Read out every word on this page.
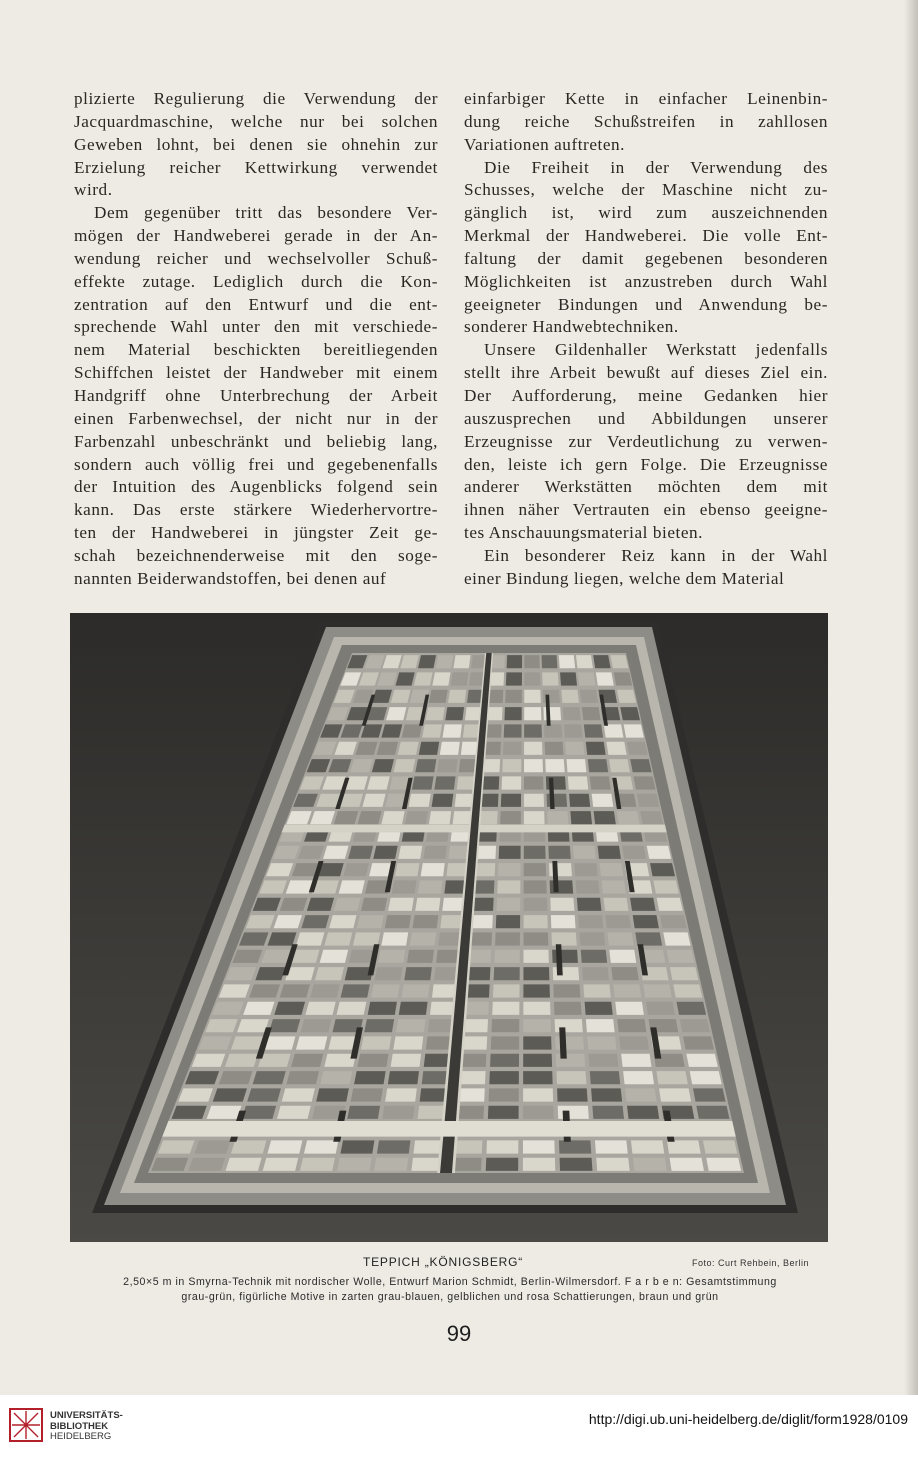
plizierte Regulierung die Verwendung der
Jacquardmaschine, welche nur bei solchen
Geweben lohnt, bei denen sie ohnehin zur
Erzielung reicher Kettwirkung verwendet
wird.

Dem gegenüber tritt das besondere Ver-
mögen der Handweberei gerade in der An-
wendung reicher und wechselvoller Schuß-
effekte zutage. Lediglich durch die Kon-
zentration auf den Entwurf und die ent-
sprechende Wahl unter den mit verschiede-
nem Material beschickten bereitliegenden
Schiffchen leistet der Handweber mit einem
Handgriff ohne Unterbrechung der Arbeit
einen Farbenwechsel, der nicht nur in der
Farbenzahl unbeschränkt und beliebig lang,
sondern auch völlig frei und gegebenenfalls
der Intuition des Augenblicks folgend sein
kann. Das erste stärkere Wiederhervortre-
ten der Handweberei in jüngster Zeit ge-
schah bezeichnenderweise mit den soge-
nannten Beiderwandstoffen, bei denen auf

einfarbiger Kette in einfacher Leinenbin-
dung reiche Schußstreifen in zahllosen
Variationen auftreten.

Die Freiheit in der Verwendung des
Schusses, welche der Maschine nicht zu-
gänglich ist, wird zum auszeichnenden
Merkmal der Handweberei. Die volle Ent-
faltung der damit gegebenen besonderen
Möglichkeiten ist anzustreben durch Wahl
geeigneter Bindungen und Anwendung be-
sonderer Handwebtechniken.

Unsere Gildenhaller Werkstatt jedenfalls
stellt ihre Arbeit bewußt auf dieses Ziel ein.
Der Aufforderung, meine Gedanken hier
auszusprechen und Abbildungen unserer
Erzeugnisse zur Verdeutlichung zu verwen-
den, leiste ich gern Folge. Die Erzeugnisse
anderer Werkstätten möchten dem mit
ihnen näher Vertrauten ein ebenso geeigne-
tes Anschauungsmaterial bieten.

Ein besonderer Reiz kann in der Wahl
einer Bindung liegen, welche dem Material

TEPPICH „KÖNIGSBERG“	Foto: Curt Rehbein, Berlin
2,50×5 m in Smyrna-Technik mit nordischer Wolle, Entwurf Marion Schmidt, Berlin-Wilmersdorf. F a r b e n: Gesamtstimmung
grau-grün, figürliche Motive in zarten grau-blauen, gelblichen und rosa Schattierungen, braun und grün
99
UNIVERSITÄTS-
BIBLIOTHEK
HEIDELBERG
http://digi.ub.uni-heidelberg.de/diglit/form1928/0109
